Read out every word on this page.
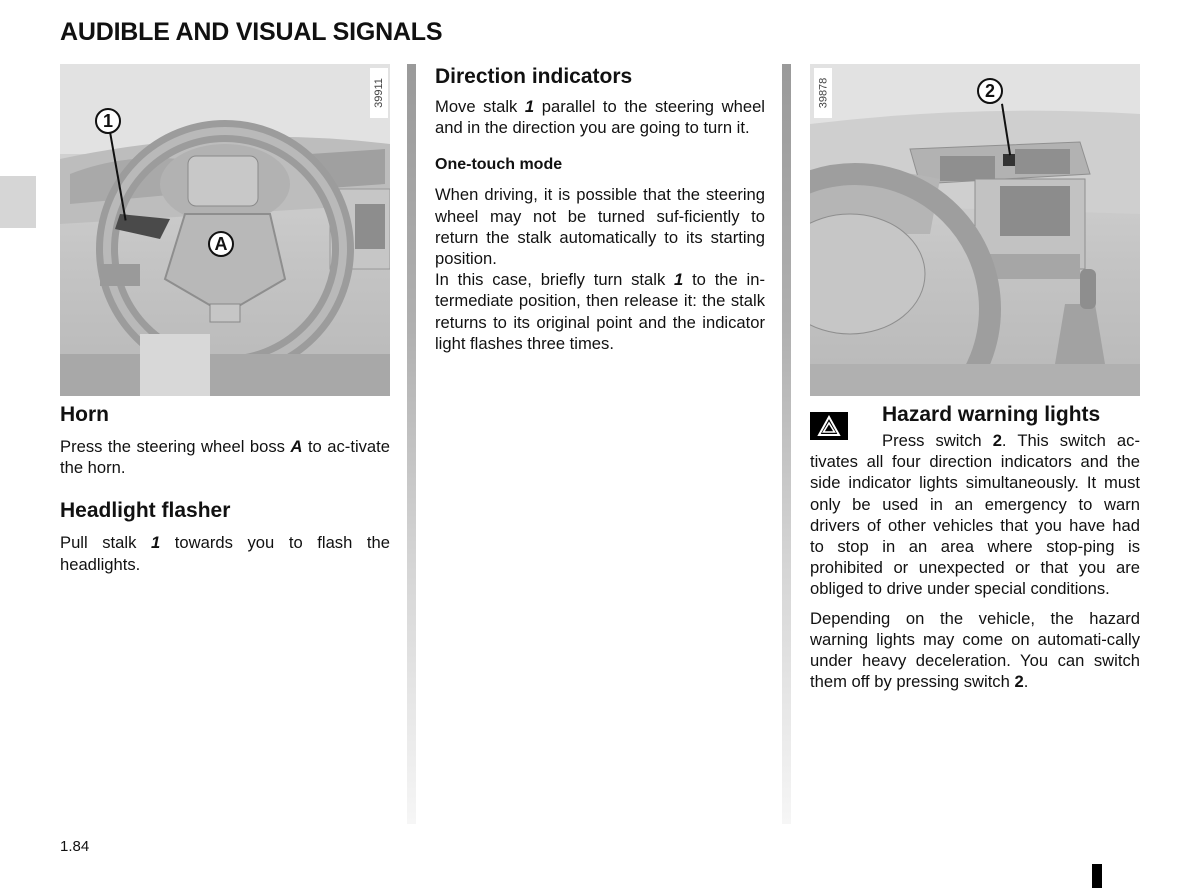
AUDIBLE AND VISUAL SIGNALS
39911
1
A
Horn

Press the steering wheel boss A to ac-tivate the horn.

Headlight flasher

Pull stalk 1 towards you to flash the headlights.

Direction indicators

Move stalk 1 parallel to the steering wheel and in the direction you are going to turn it.

One-touch mode

When driving, it is possible that the steering wheel may not be turned suf-ficiently to return the stalk automatically to its starting position.

In this case, briefly turn stalk 1 to the in-termediate position, then release it: the stalk returns to its original point and the indicator light flashes three times.

39878	2
Hazard warning lights

Press switch 2. This switch ac-tivates all four direction indicators and the side indicator lights simultaneously. It must only be used in an emergency to warn drivers of other vehicles that you have had to stop in an area where stop-ping is prohibited or unexpected or that you are obliged to drive under special conditions.

Depending on the vehicle, the hazard warning lights may come on automati-cally under heavy deceleration. You can switch them off by pressing switch 2.

1.84
